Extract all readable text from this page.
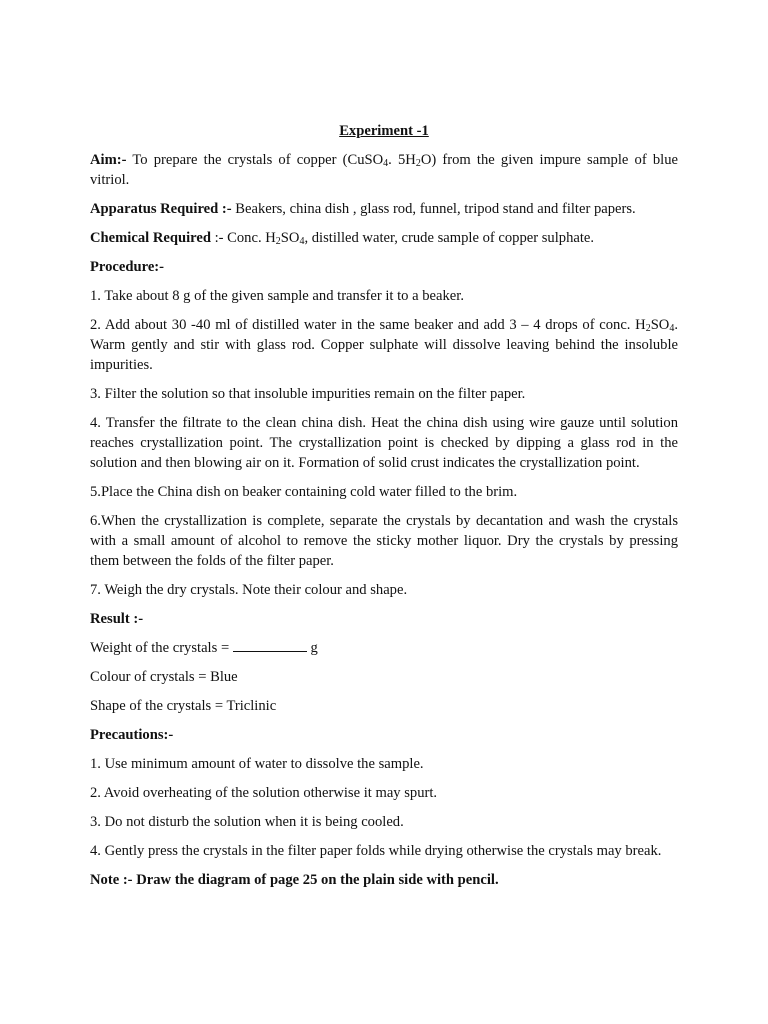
Experiment -1
Aim:- To prepare the crystals of copper (CuSO$_4$. $5H_2O$) from the given impure sample of blue vitriol.
Apparatus Required :- Beakers, china dish , glass rod, funnel, tripod stand and filter papers.
Chemical Required :- Conc. $H_2SO_4$, distilled water, crude sample of copper sulphate.
Procedure:-
1. Take about 8 g of the given sample and transfer it to a beaker.
2. Add about 30 -40 ml of distilled water in the same beaker and add 3 – 4 drops of conc. $H_2SO_4$. Warm gently and stir with glass rod. Copper sulphate will dissolve leaving behind the insoluble impurities.
3. Filter the solution so that insoluble impurities remain on the filter paper.
4. Transfer the filtrate to the clean china dish. Heat the china dish using wire gauze until solution reaches crystallization point. The crystallization point is checked by dipping a glass rod in the solution and then blowing air on it. Formation of solid crust indicates the crystallization point.
5.Place the China dish on beaker containing cold water filled to the brim.
6.When the crystallization is complete, separate the crystals by decantation and wash the crystals with a small amount of alcohol to remove the sticky mother liquor. Dry the crystals by pressing them between the folds of the filter paper.
7. Weigh the dry crystals. Note their colour and shape.
Result :-
Weight of the crystals =	g
Colour of crystals = Blue
Shape of the crystals = Triclinic
Precautions:-
1. Use minimum amount of water to dissolve the sample.
2. Avoid overheating of the solution otherwise it may spurt.
3. Do not disturb the solution when it is being cooled.
4. Gently press the crystals in the filter paper folds while drying otherwise the crystals may break.
Note :- Draw the diagram of page 25 on the plain side with pencil.
